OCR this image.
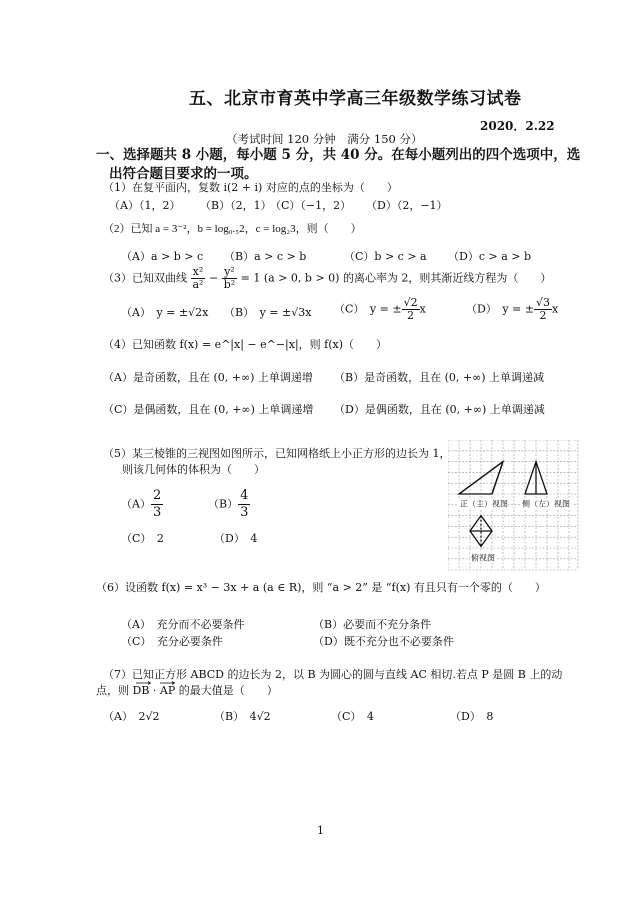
五、北京市育英中学高三年级数学练习试卷
2020．2.22
（考试时间 120 分钟　满分 150 分）
一、选择题共 8 小题，每小题 5 分，共 40 分。在每小题列出的四个选项中，选
出符合题目要求的一项。
（1）在复平面内，复数 i(2 + i) 对应的点的坐标为（　　）
（A）（1，2） （B）（2，1）
（C）（−1，2） （D）（2，−1）
（2）已知 a = 3⁻²，b = log₀.₅2，c = log₂3，则（　　）
（A）a > b > c （B）a > c > b	（C）b > c > a （D）c > a > b
（3）已知双曲线 $\frac{\text{x²}}{\text{a²}} - \frac{\text{y²}}{\text{b²}} = 1$ (a > 0, b > 0) 的离心率为 2，则其渐近线方程为（　　）
（A）　y = ±√2x （B）　y = ±√3x （C）　y = ± $\frac{√2}{2}$ x	（D）　y = ± $\frac{√3}{2}$ x
（4）已知函数 f(x) = e^|x| − e^−|x|，则 f(x)（　　）
（A）是奇函数，且在 (0, +∞) 上单调递增 （B）是奇函数，且在 (0, +∞) 上单调递减
（C）是偶函数，且在 (0, +∞) 上单调递增 （D）是偶函数，且在 (0, +∞) 上单调递减
（5）某三棱锥的三视图如图所示，已知网格纸上小正方形的边长为 1，
则该几何体的体积为（　　）
$(A) \frac{2}{3}$	$(B) \frac{4}{3}$
（C）　2	（D）　4
正（主）视图 侧（左）视图
俯视图
（6）设函数 f(x) = x³ − 3x + a (a ∈ R)，则 “a > 2” 是 “f(x) 有且只有一个零的（　　）
（A）　充分而不必要条件	（B）必要而不充分条件
（C）　充分必要条件	（D）既不充分也不必要条件
（7）已知正方形 ABCD 的边长为 2，以 B 为圆心的圆与直线 AC 相切.若点 P 是圆 B 上的动
点，则 DB · AP 的最大值是（　　）
（A）　2√2	（B）　4√2	（C）　4	（D）　8
1
